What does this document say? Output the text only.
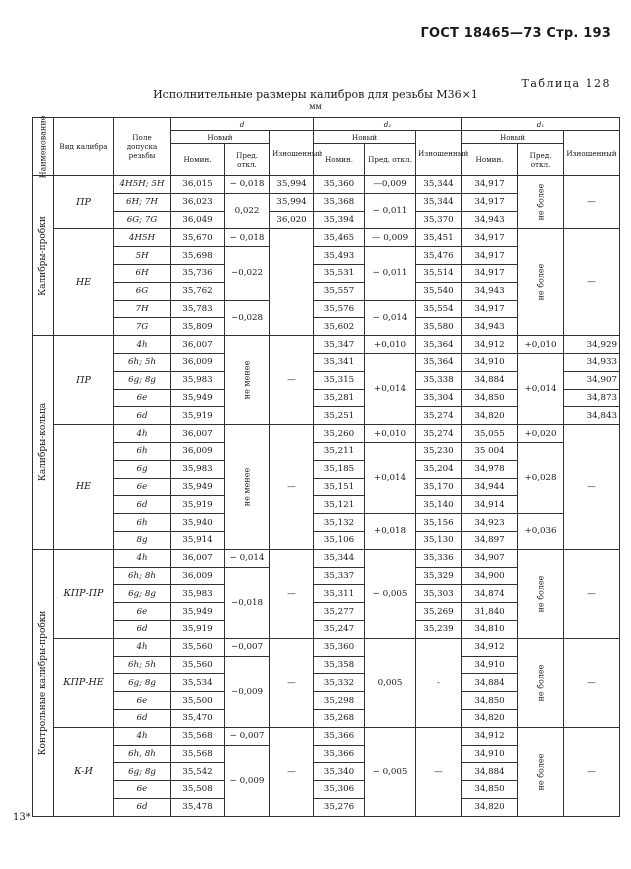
ГОСТ 18465—73 Стр. 193
Таблица 128
Исполнительные размеры калибров для резьбы М36×1
мм
Наименование	Вид калибра	Поле допуска резьбы	d			d₂			d₁		
			Новый		Изношенный	Новый		Изношенный	Новый		Изношенный
			Номин.	Пред. откл.		Номин.	Пред. откл.		Номин.	Пред. откл.	

Калибры-пробки	ПР	4Н5Н; 5Н	36,015	− 0,018	35,994	35,360	—0,009	35,344	34,917	не более	—
		6Н; 7Н	36,023	0,022	35,994	35,368	− 0,011	35,344	34,917		
		6G; 7G	36,049		36,020	35,394		35,370	34,943		
	НЕ	4Н5Н	35,670	− 0,018		35,465	— 0,009	35,451	34,917	не более	—
		5Н	35,698	−0,022		35,493	− 0,011	35,476	34,917		
		6Н	35,736			35,531		35,514	34,917		
		6G	35,762			35,557		35,540	34,943		
		7Н	35,783	−0,028		35,576	− 0,014	35,554	34,917		
		7G	35,809			35,602		35,580	34,943		

Калибры-кольца	ПР	4h	36,007	не менее	—	35,347	+0,010	35,364	34,912	+0,010	34,929
		6h; 5h	36,009			35,341	+0,014	35,364	34,910	+0,014	34,933
		6g; 8g	35,983			35,315		35,338	34,884		34,907
		6e	35,949			35,281		35,304	34,850		34,873
		6d	35,919			35,251		35,274	34,820		34,843
	НЕ	4h	36,007	не менее	—	35,260	+0,010	35,274	35,055	+0,020	—
		6h	36,009			35,211	+0,014	35,230	35 004	+0,028	
		6g	35,983			35,185		35,204	34,978		
		6e	35,949			35,151		35,170	34,944		
		6d	35,919			35,121		35,140	34,914		
		6h	35,940			35,132	+0,018	35,156	34,923	+0,036	
		8g	35,914			35,106		35,130	34,897		

Контрольные калибры-пробки	КПР-ПР	4h	36,007	− 0,014	—	35,344	− 0,005	35,336	34,907	не более	—
		6h; 8h	36,009	−0,018		35,337		35,329	34,900		
		6g; 8g	35,983			35,311		35,303	34,874		
		6e	35,949			35,277		35,269	31,840		
		6d	35,919			35,247		35,239	34,810		
	КПР-НЕ	4h	35,560	−0,007	—	35,360	0,005	-	34,912	не более	—
		6h; 5h	35,560	−0,009		35,358			34,910		
		6g; 8g	35,534			35,332			34,884		
		6e	35,500			35,298			34,850		
		6d	35,470			35,268			34,820		
	К-И	4h	35,568	− 0,007	—	35,366	− 0,005	—	34,912	не более	—
		6h, 8h	35,568	− 0,009		35,366			34,910		
		6g; 8g	35,542			35,340			34,884		
		6e	35,508			35,306			34,850		
		6d	35,478			35,276			34,820		
13*
